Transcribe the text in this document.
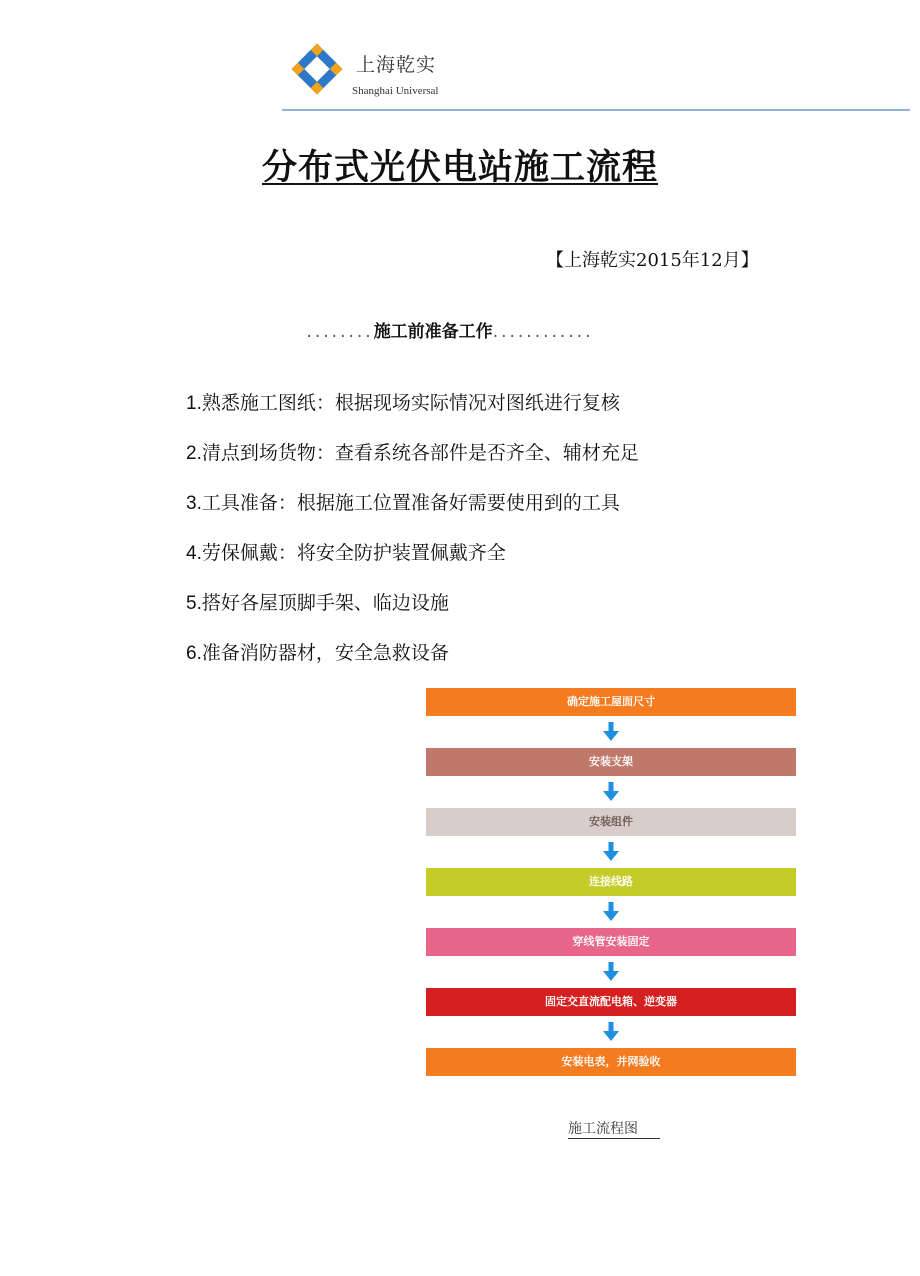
上海乾实
Shanghai Universal
分布式光伏电站施工流程
【上海乾实2015年12月】
........施工前准备工作............
1.熟悉施工图纸：根据现场实际情况对图纸进行复核
2.清点到场货物：查看系统各部件是否齐全、辅材充足
3.工具准备：根据施工位置准备好需要使用到的工具
4.劳保佩戴：将安全防护装置佩戴齐全
5.搭好各屋顶脚手架、临边设施
6.准备消防器材，安全急救设备
确定施工屋面尺寸
安装支架
安装组件
连接线路
穿线管安装固定
固定交直流配电箱、逆变器
安装电表，并网验收
施工流程图
